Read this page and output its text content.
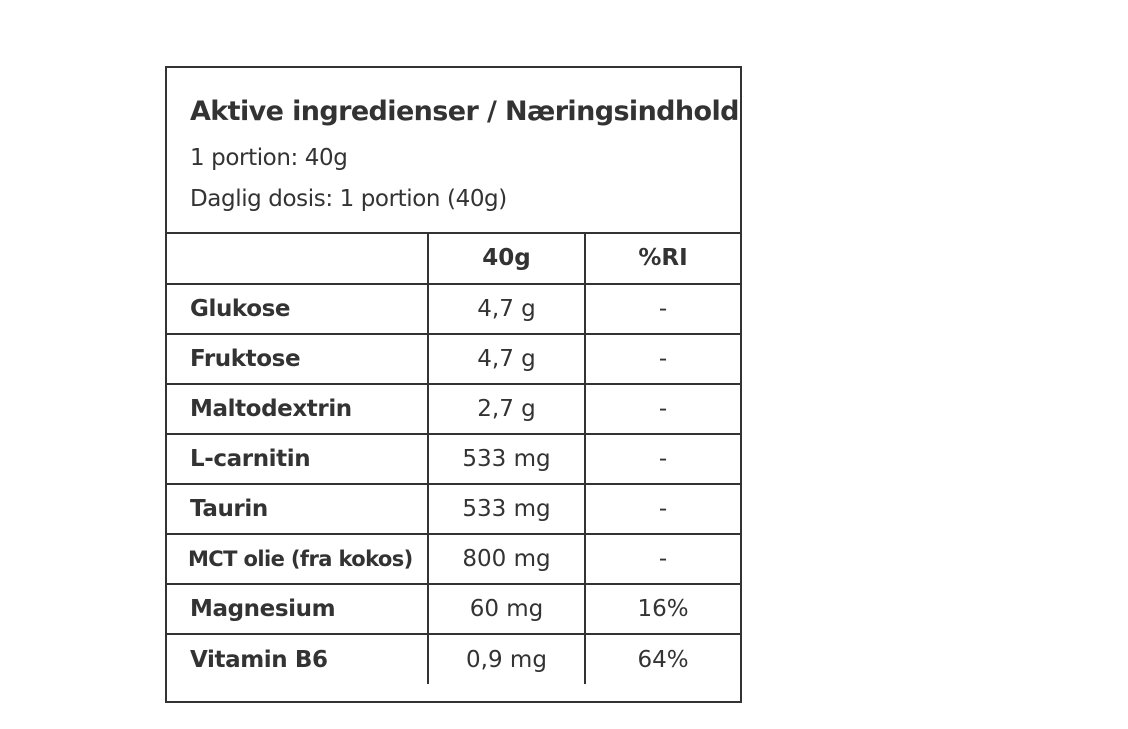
Aktive ingredienser / Næringsindhold
1 portion: 40g
Daglig dosis: 1 portion (40g)
	40g	%RI
Glukose	4,7 g	-
Fruktose	4,7 g	-
Maltodextrin	2,7 g	-
L-carnitin	533 mg	-
Taurin	533 mg	-
MCT olie (fra kokos)	800 mg	-
Magnesium	60 mg	16%
Vitamin B6	0,9 mg	64%
